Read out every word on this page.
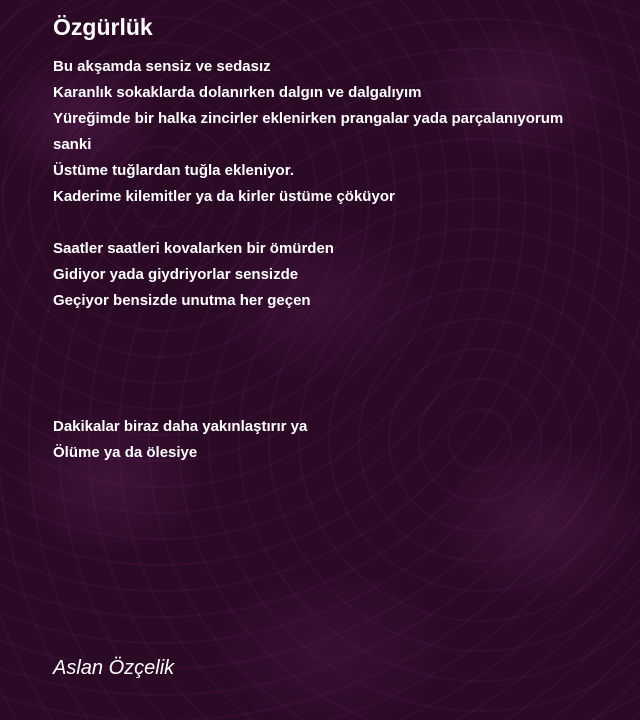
Özgürlük
Bu akşamda sensiz ve sedasız
Karanlık sokaklarda dolanırken dalgın ve dalgalıyım
Yüreğimde bir halka zincirler eklenirken prangalar yada parçalanıyorum
sanki
Üstüme tuğlardan tuğla ekleniyor.
Kaderime kilemitler ya da kirler üstüme çöküyor
Saatler saatleri kovalarken bir ömürden
Gidiyor yada giydriyorlar sensizde
Geçiyor bensizde unutma her geçen
Dakikalar biraz daha yakınlaştırır ya
Ölüme ya da ölesiye
Aslan Özçelik
